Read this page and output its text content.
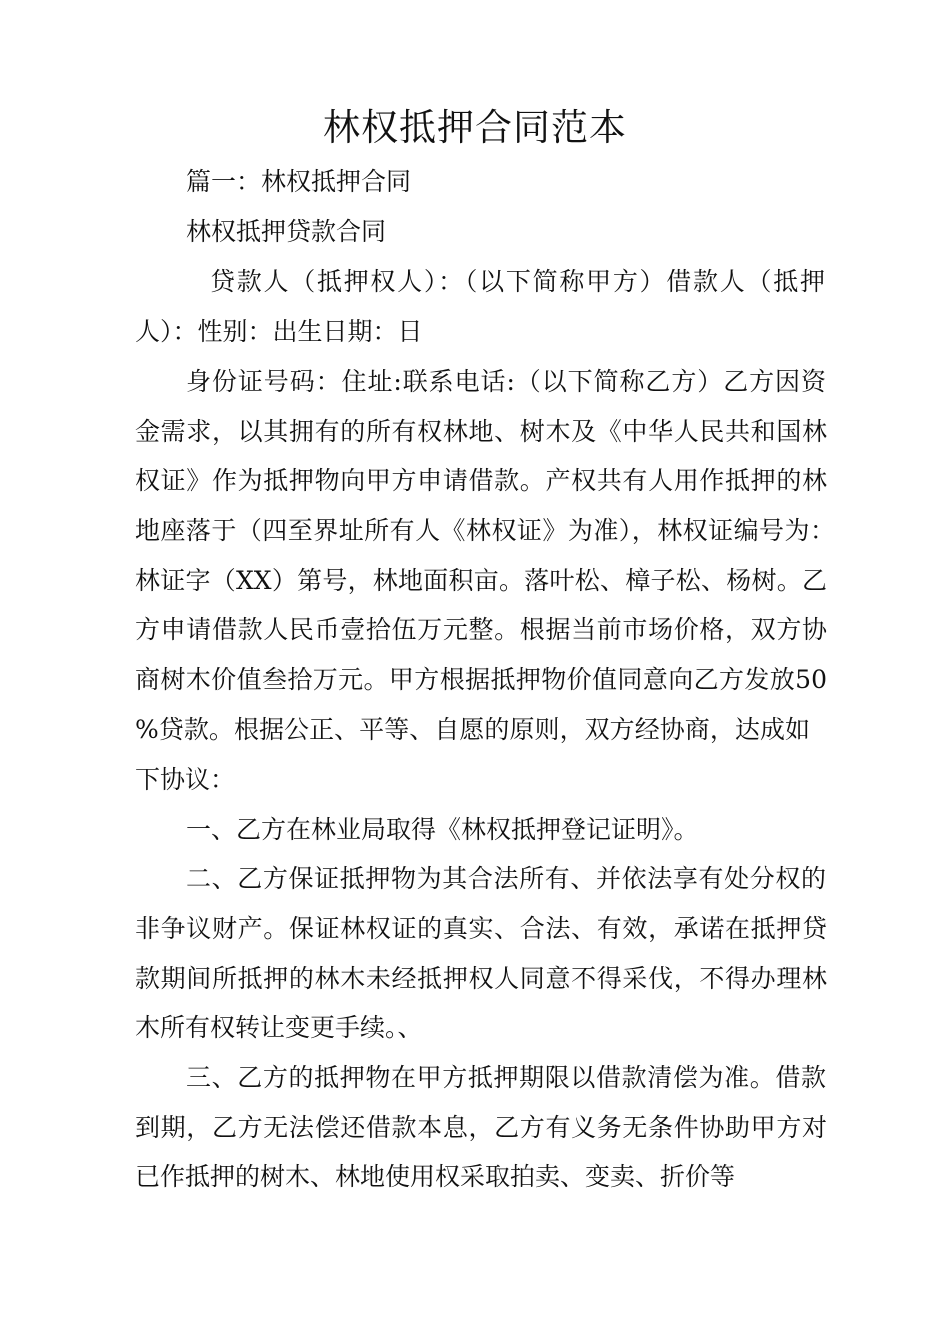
林权抵押合同范本
篇一：林权抵押合同
林权抵押贷款合同
贷款人（抵押权人）：（以下简称甲方）借款人（抵押
人）：性别：出生日期：日
身份证号码：住址:联系电话:（以下简称乙方）乙方因资
金需求，以其拥有的所有权林地、树木及《中华人民共和国林
权证》作为抵押物向甲方申请借款。产权共有人用作抵押的林
地座落于（四至界址所有人《林权证》为准），林权证编号为：
林证字（XX）第号，林地面积亩。落叶松、樟子松、杨树。乙
方申请借款人民币壹拾伍万元整。根据当前市场价格，双方协
商树木价值叁拾万元。甲方根据抵押物价值同意向乙方发放50
%贷款。根据公正、平等、自愿的原则，双方经协商，达成如
下协议：
一、乙方在林业局取得《林权抵押登记证明》。
二、乙方保证抵押物为其合法所有、并依法享有处分权的
非争议财产。保证林权证的真实、合法、有效，承诺在抵押贷
款期间所抵押的林木未经抵押权人同意不得采伐，不得办理林
木所有权转让变更手续。、
三、乙方的抵押物在甲方抵押期限以借款清偿为准。借款
到期，乙方无法偿还借款本息，乙方有义务无条件协助甲方对
已作抵押的树木、林地使用权采取拍卖、变卖、折价等
